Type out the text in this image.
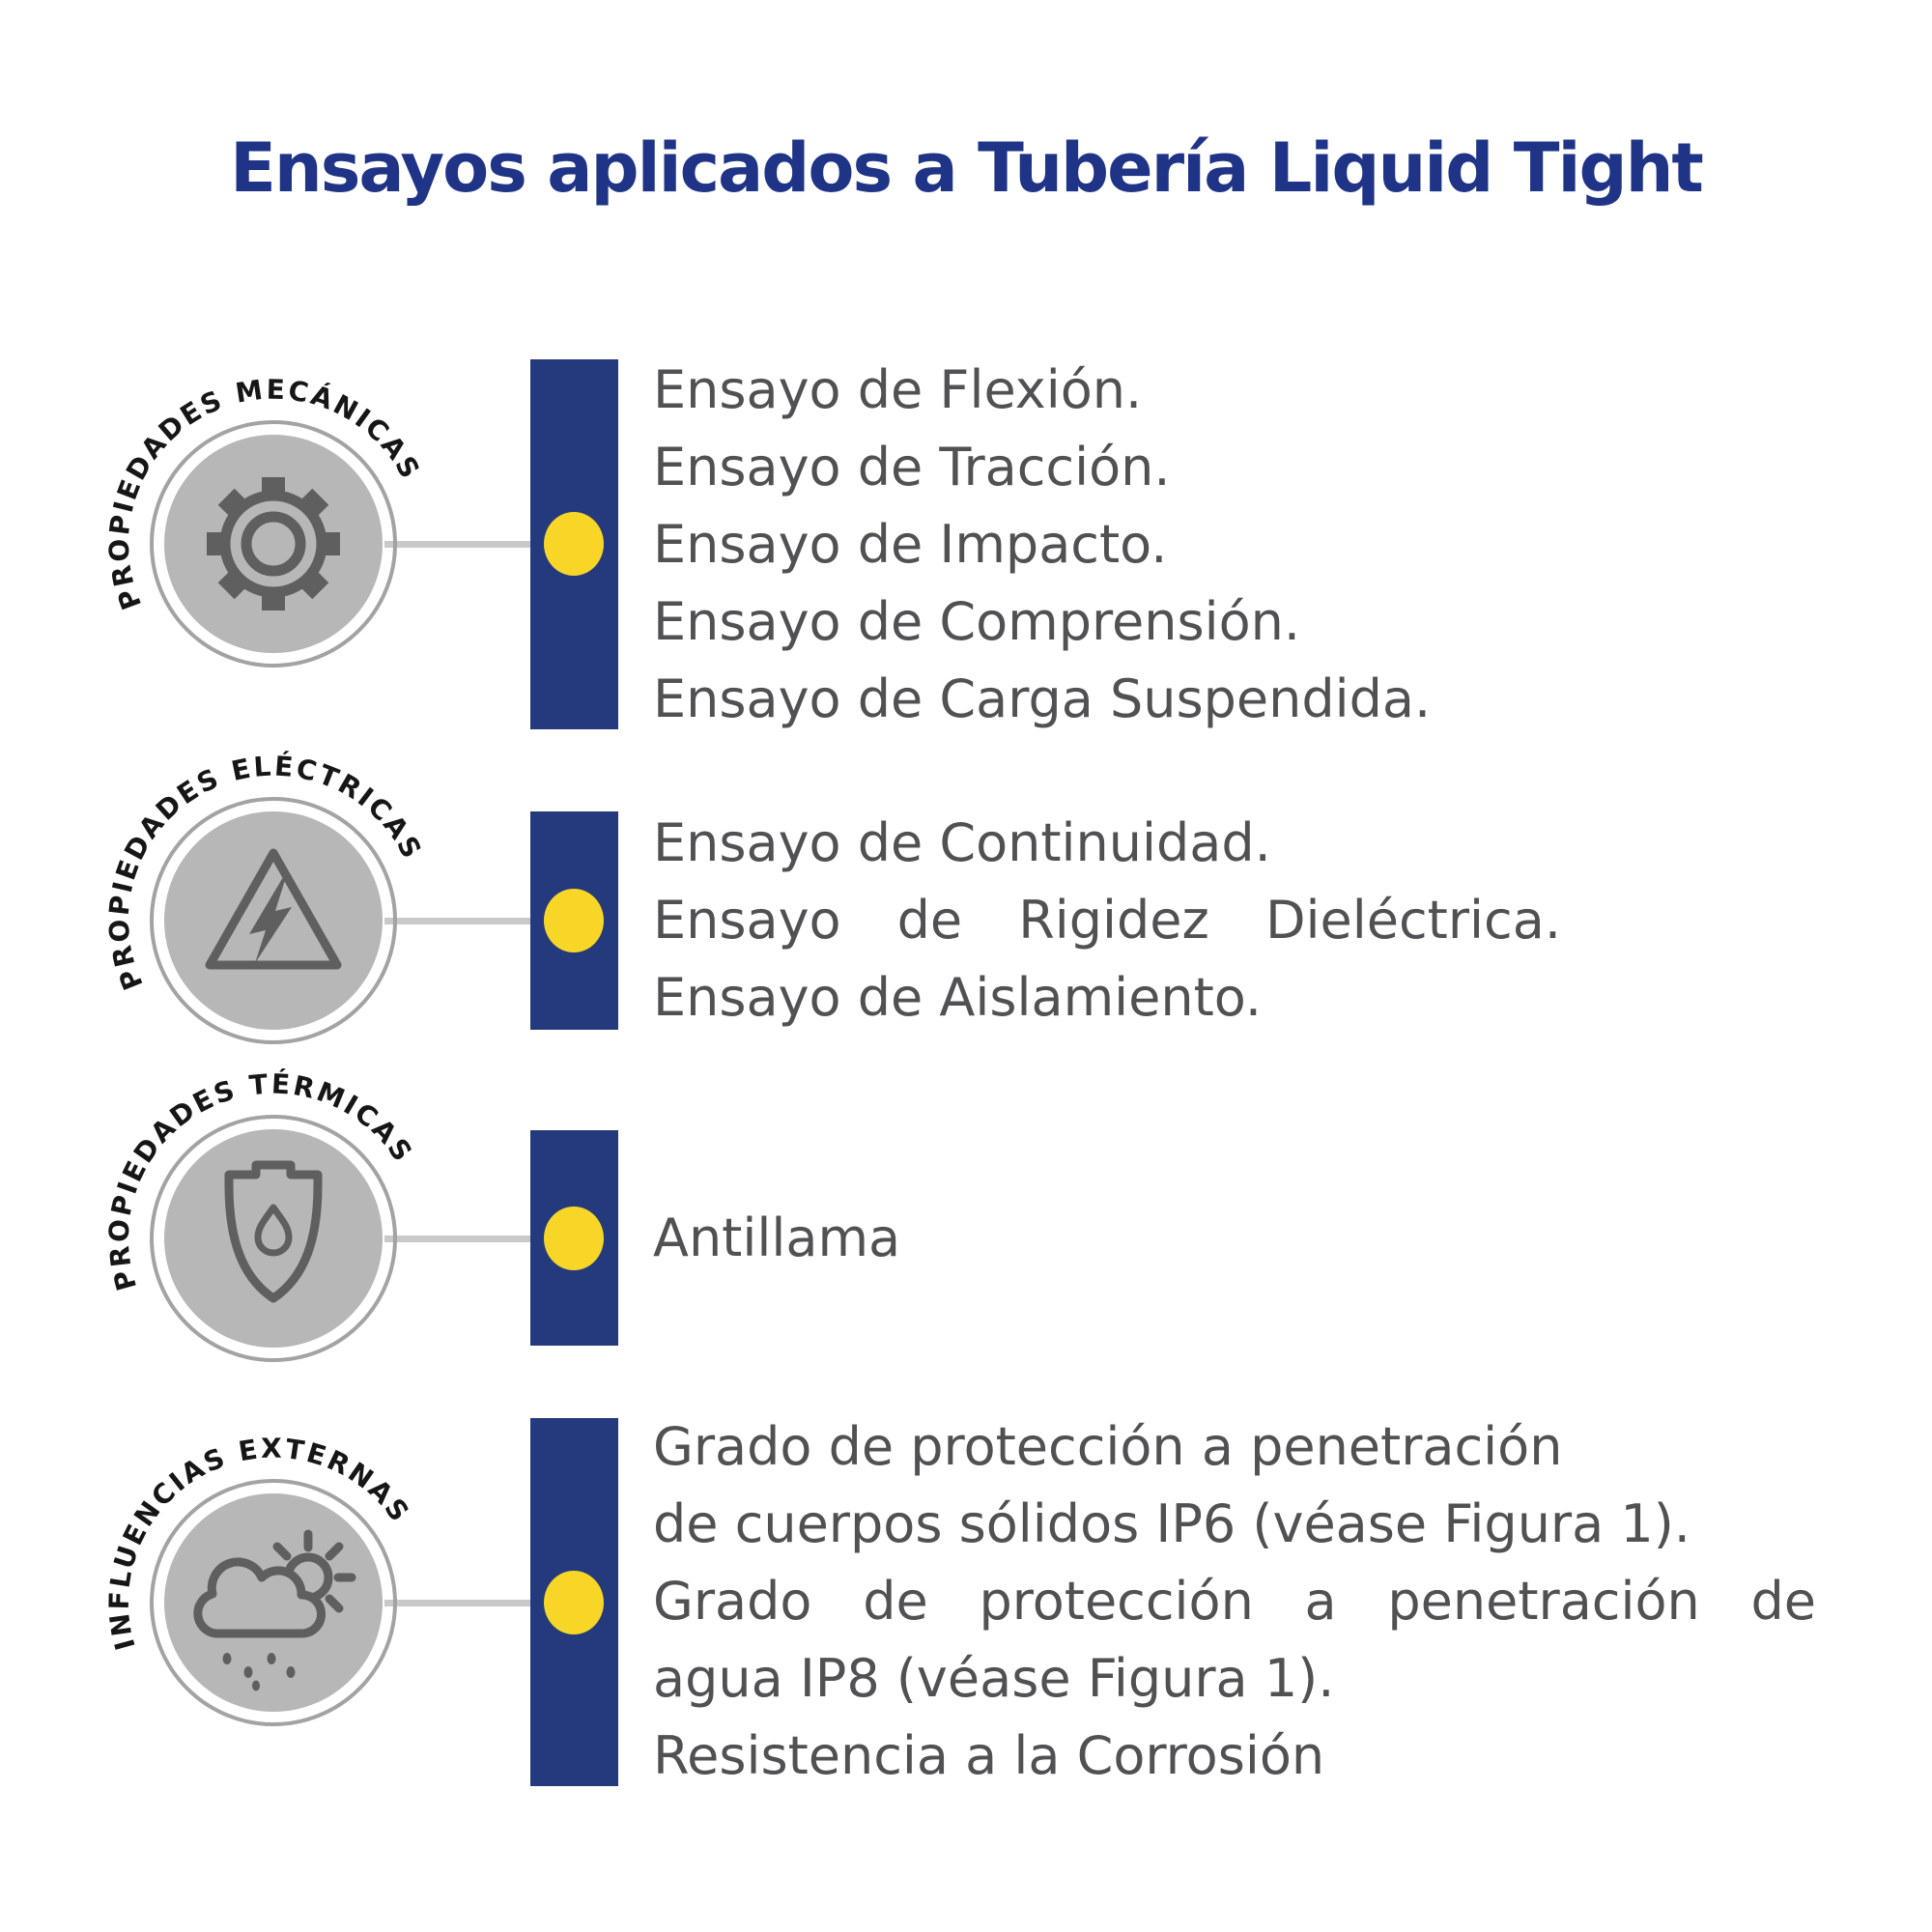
Ensayos aplicados a Tubería Liquid Tight
PROPIEDADES MECÁNICAS
Ensayo de Flexión.
Ensayo de Tracción.
Ensayo de Impacto.
Ensayo de Comprensión.
Ensayo de Carga Suspendida.
PROPIEDADES ELÉCTRICAS	Ensayo de Continuidad.
Ensayo de Rigidez Dieléctrica.
Ensayo de Aislamiento.
PROPIEDADES TÉRMICAS
Antillama
INFLUENCIAS EXTERNAS
Grado de protección a penetración
de cuerpos sólidos IP6 (véase Figura 1).
Grado de protección a penetración de
agua IP8 (véase Figura 1).
Resistencia a la Corrosión
